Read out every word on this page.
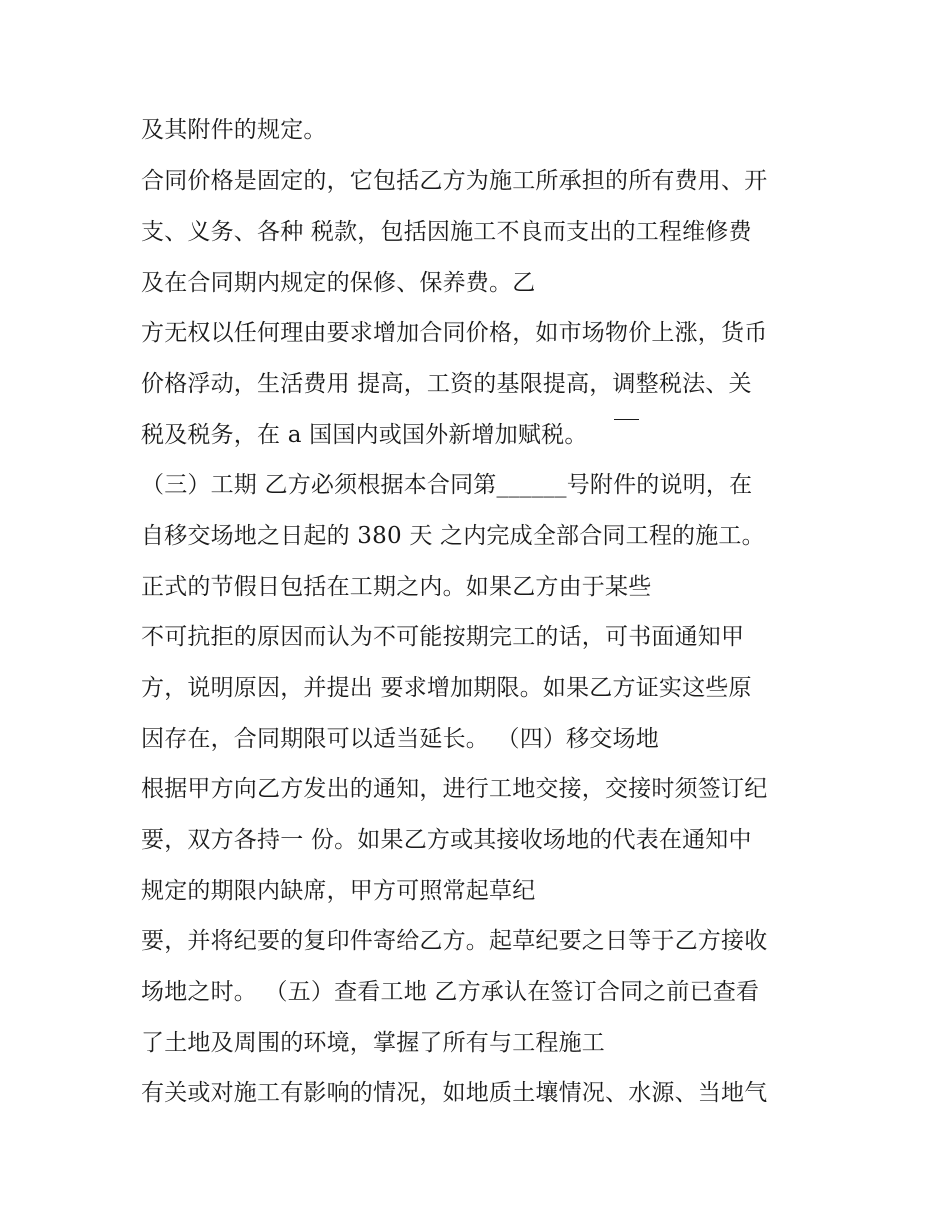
及其附件的规定。
合同价格是固定的，它包括乙方为施工所承担的所有费用、开
支、义务、各种 税款，包括因施工不良而支出的工程维修费
及在合同期内规定的保修、保养费。乙
方无权以任何理由要求增加合同价格，如市场物价上涨，货币
价格浮动，生活费用 提高，工资的基限提高，调整税法、关
税及税务，在 a 国国内或国外新增加赋税。
（三）工期 乙方必须根据本合同第______号附件的说明，在
自移交场地之日起的 380 天 之内完成全部合同工程的施工。
正式的节假日包括在工期之内。如果乙方由于某些
不可抗拒的原因而认为不可能按期完工的话，可书面通知甲
方，说明原因，并提出 要求增加期限。如果乙方证实这些原
因存在，合同期限可以适当延长。 （四）移交场地
根据甲方向乙方发出的通知，进行工地交接，交接时须签订纪
要，双方各持一 份。如果乙方或其接收场地的代表在通知中
规定的期限内缺席，甲方可照常起草纪
要，并将纪要的复印件寄给乙方。起草纪要之日等于乙方接收
场地之时。 （五）查看工地 乙方承认在签订合同之前已查看
了土地及周围的环境，掌握了所有与工程施工
有关或对施工有影响的情况，如地质土壤情况、水源、当地气
